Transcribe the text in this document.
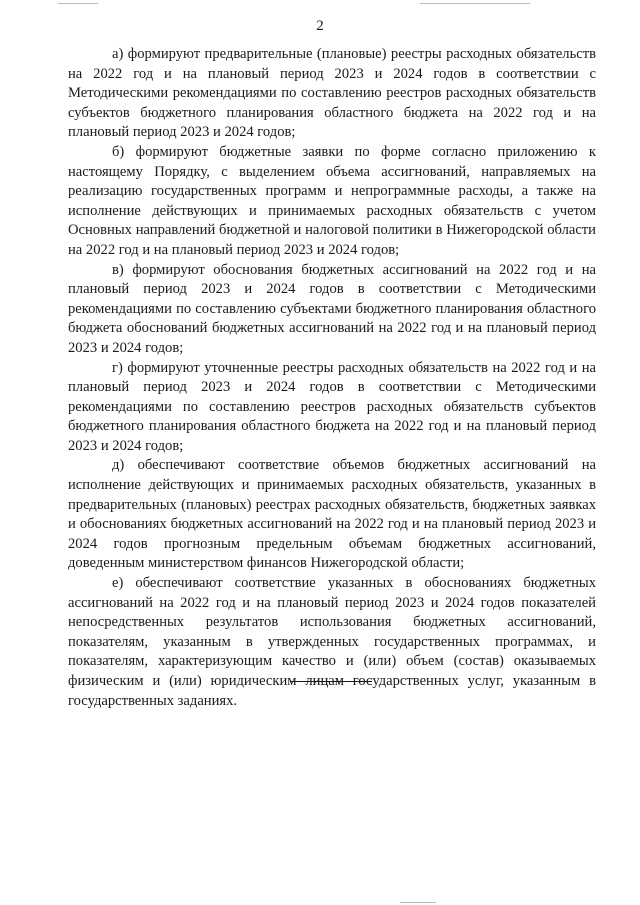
2

а) формируют предварительные (плановые) реестры расходных обязательств на 2022 год и на плановый период 2023 и 2024 годов в соответствии с Методическими рекомендациями по составлению реестров расходных обязательств субъектов бюджетного планирования областного бюджета на 2022 год и на плановый период 2023 и 2024 годов;

б) формируют бюджетные заявки по форме согласно приложению к настоящему Порядку, с выделением объема ассигнований, направляемых на реализацию государственных программ и непрограммные расходы, а также на исполнение действующих и принимаемых расходных обязательств с учетом Основных направлений бюджетной и налоговой политики в Нижегородской области на 2022 год и на плановый период 2023 и 2024 годов;

в) формируют обоснования бюджетных ассигнований на 2022 год и на плановый период 2023 и 2024 годов в соответствии с Методическими рекомендациями по составлению субъектами бюджетного планирования областного бюджета обоснований бюджетных ассигнований на 2022 год и на плановый период 2023 и 2024 годов;

г) формируют уточненные реестры расходных обязательств на 2022 год и на плановый период 2023 и 2024 годов в соответствии с Методическими рекомендациями по составлению реестров расходных обязательств субъектов бюджетного планирования областного бюджета на 2022 год и на плановый период 2023 и 2024 годов;

д) обеспечивают соответствие объемов бюджетных ассигнований на исполнение действующих и принимаемых расходных обязательств, указанных в предварительных (плановых) реестрах расходных обязательств, бюджетных заявках и обоснованиях бюджетных ассигнований на 2022 год и на плановый период 2023 и 2024 годов прогнозным предельным объемам бюджетных ассигнований, доведенным министерством финансов Нижегородской области;

е) обеспечивают соответствие указанных в обоснованиях бюджетных ассигнований на 2022 год и на плановый период 2023 и 2024 годов показателей непосредственных результатов использования бюджетных ассигнований, показателям, указанным в утвержденных государственных программах, и показателям, характеризующим качество и (или) объем (состав) оказываемых физическим и (или) юридическим лицам государственных услуг, указанным в государственных заданиях.
